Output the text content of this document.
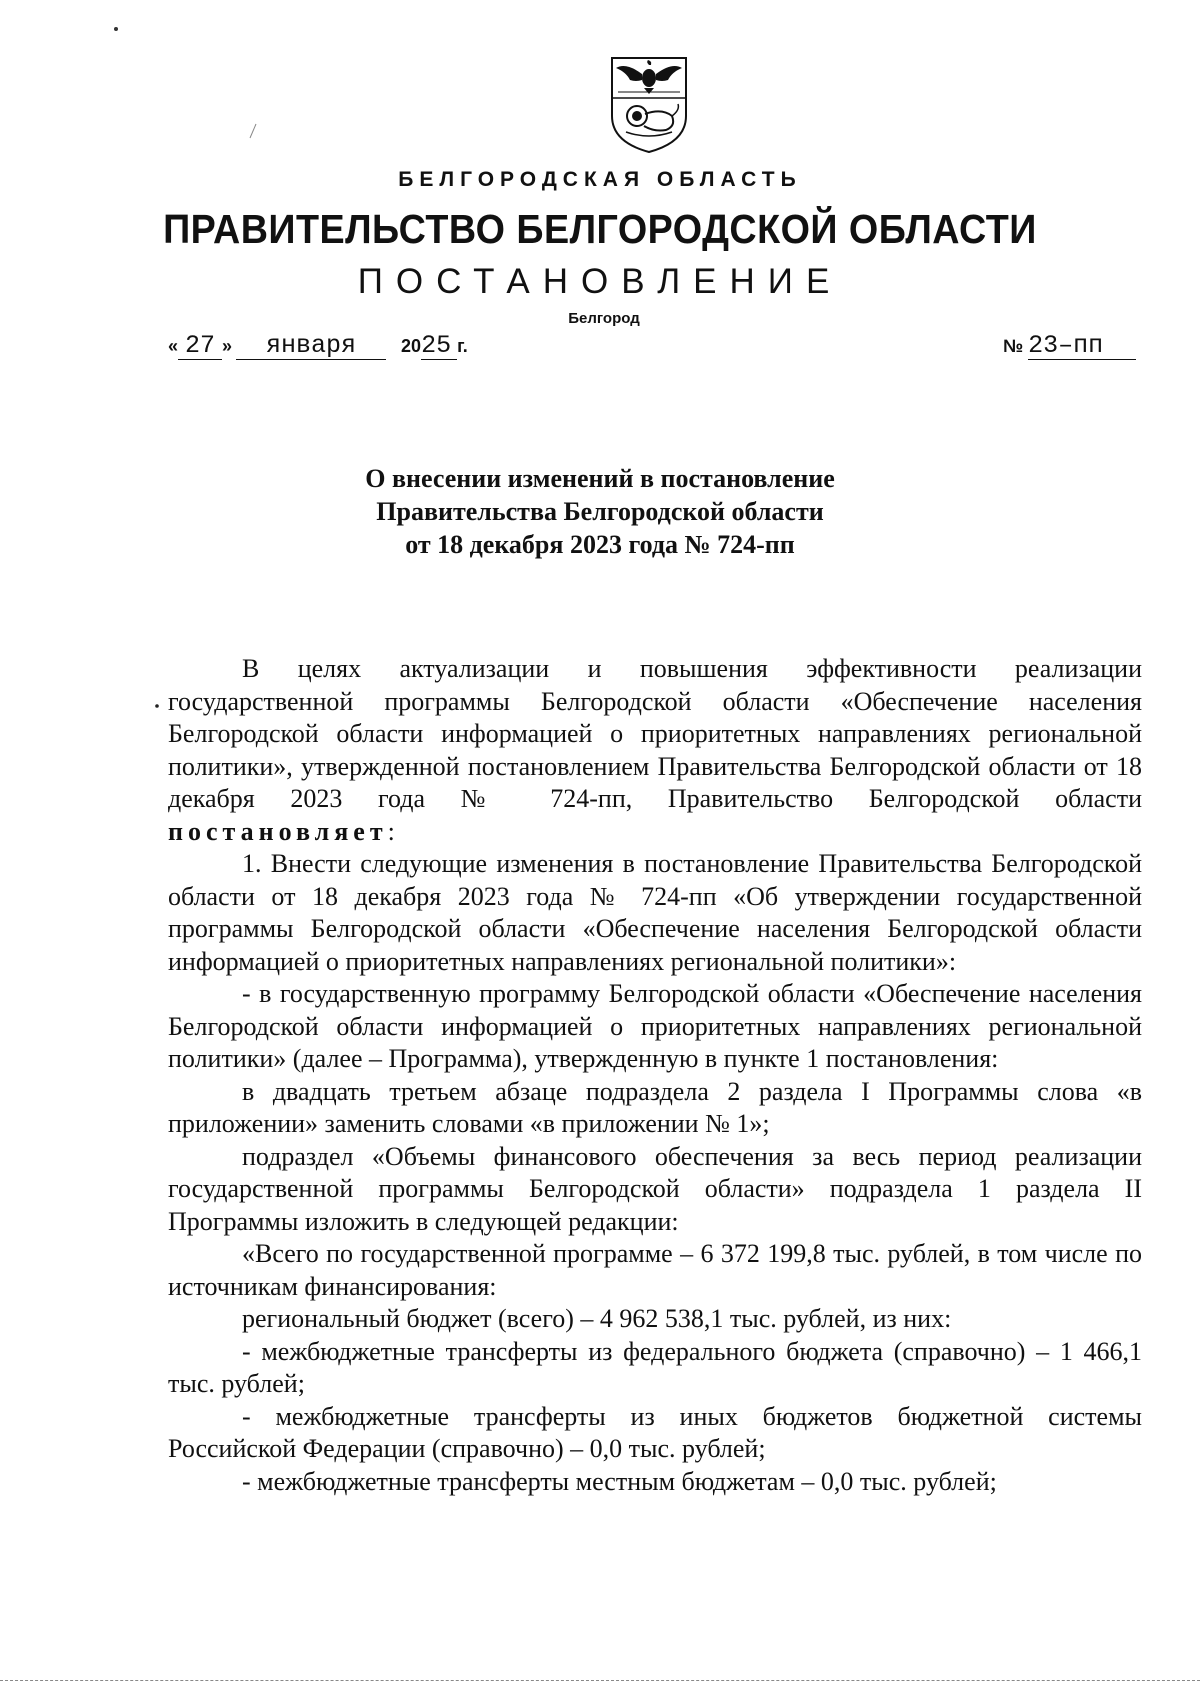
БЕЛГОРОДСКАЯ ОБЛАСТЬ
ПРАВИТЕЛЬСТВО БЕЛГОРОДСКОЙ ОБЛАСТИ
ПОСТАНОВЛЕНИЕ
Белгород
« 27 » января	2025 г.	№ 23–пп
О внесении изменений в постановление
Правительства Белгородской области
от 18 декабря 2023 года № 724-пп

В целях актуализации и повышения эффективности реализации государственной программы Белгородской области «Обеспечение населения Белгородской области информацией о приоритетных направлениях региональной политики», утвержденной постановлением Правительства Белгородской области от 18 декабря 2023 года № 724-пп, Правительство Белгородской области постановляет:

1. Внести следующие изменения в постановление Правительства Белгородской области от 18 декабря 2023 года № 724-пп «Об утверждении государственной программы Белгородской области «Обеспечение населения Белгородской области информацией о приоритетных направлениях региональной политики»:

- в государственную программу Белгородской области «Обеспечение населения Белгородской области информацией о приоритетных направлениях региональной политики» (далее – Программа), утвержденную в пункте 1 постановления:

в двадцать третьем абзаце подраздела 2 раздела I Программы слова «в приложении» заменить словами «в приложении № 1»;

подраздел «Объемы финансового обеспечения за весь период реализации государственной программы Белгородской области» подраздела 1 раздела II Программы изложить в следующей редакции:

«Всего по государственной программе – 6 372 199,8 тыс. рублей, в том числе по источникам финансирования:

региональный бюджет (всего) – 4 962 538,1 тыс. рублей, из них:

- межбюджетные трансферты из федерального бюджета (справочно) – 1 466,1 тыс. рублей;

- межбюджетные трансферты из иных бюджетов бюджетной системы Российской Федерации (справочно) – 0,0 тыс. рублей;

- межбюджетные трансферты местным бюджетам – 0,0 тыс. рублей;
